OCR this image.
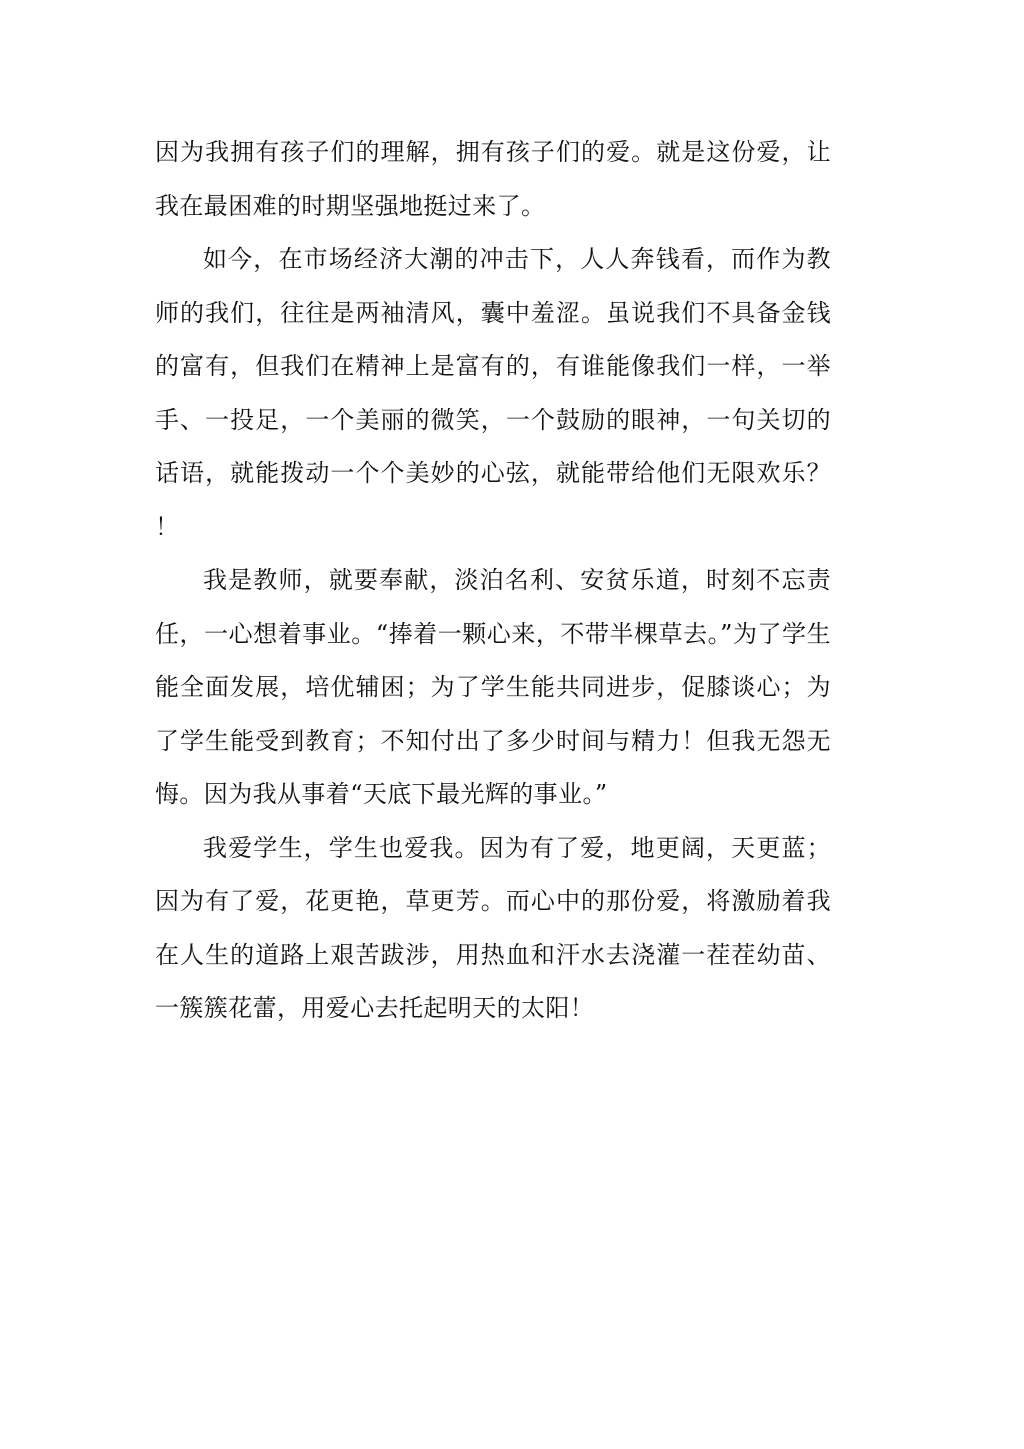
因为我拥有孩子们的理解，拥有孩子们的爱。就是这份爱，让我在最困难的时期坚强地挺过来了。

如今，在市场经济大潮的冲击下，人人奔钱看，而作为教师的我们，往往是两袖清风，囊中羞涩。虽说我们不具备金钱的富有，但我们在精神上是富有的，有谁能像我们一样，一举手、一投足，一个美丽的微笑，一个鼓励的眼神，一句关切的话语，就能拨动一个个美妙的心弦，就能带给他们无限欢乐？！

我是教师，就要奉献，淡泊名利、安贫乐道，时刻不忘责任，一心想着事业。“捧着一颗心来，不带半棵草去。”为了学生能全面发展，培优辅困；为了学生能共同进步，促膝谈心；为了学生能受到教育；不知付出了多少时间与精力！但我无怨无悔。因为我从事着“天底下最光辉的事业。”

我爱学生，学生也爱我。因为有了爱，地更阔，天更蓝；因为有了爱，花更艳，草更芳。而心中的那份爱，将激励着我在人生的道路上艰苦跋涉，用热血和汗水去浇灌一茬茬幼苗、一簇簇花蕾，用爱心去托起明天的太阳！
